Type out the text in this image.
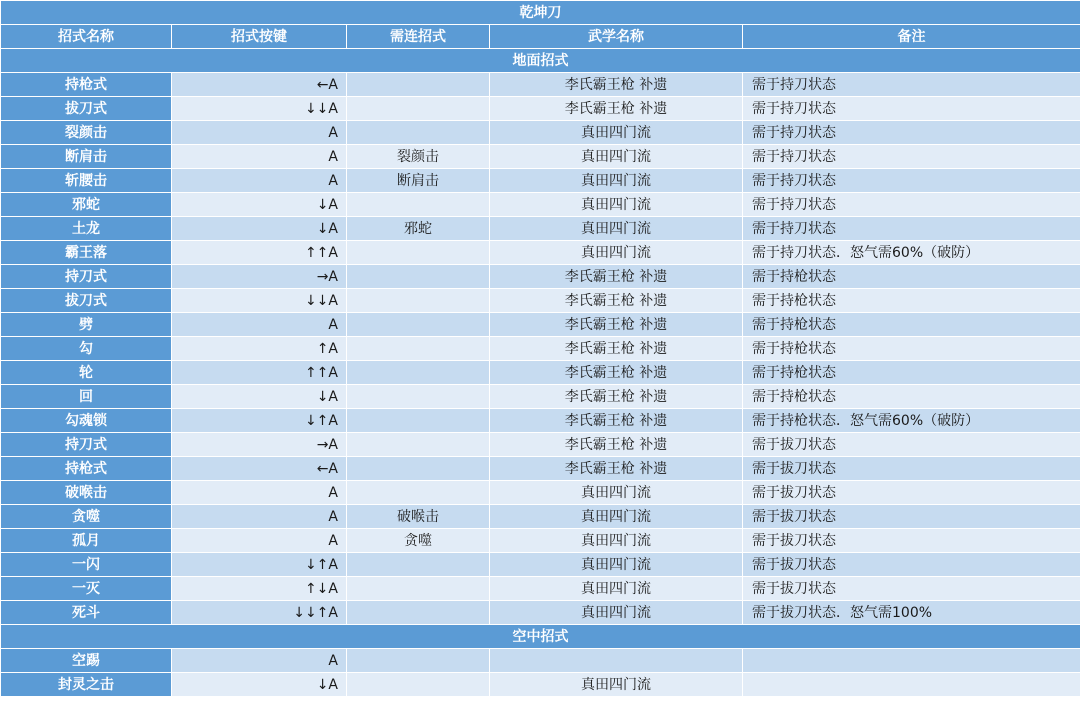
乾坤刀				
招式名称	招式按键	需连招式	武学名称	备注
地面招式				
持枪式	←A		李氏霸王枪 补遗	需于持刀状态
拔刀式	↓↓A		李氏霸王枪 补遗	需于持刀状态
裂颜击	A		真田四门流	需于持刀状态
断肩击	A	裂颜击	真田四门流	需于持刀状态
斩腰击	A	断肩击	真田四门流	需于持刀状态
邪蛇	↓A		真田四门流	需于持刀状态
土龙	↓A	邪蛇	真田四门流	需于持刀状态
霸王落	↑↑A		真田四门流	需于持刀状态．怒气需60%（破防）
持刀式	→A		李氏霸王枪 补遗	需于持枪状态
拔刀式	↓↓A		李氏霸王枪 补遗	需于持枪状态
劈	A		李氏霸王枪 补遗	需于持枪状态
勾	↑A		李氏霸王枪 补遗	需于持枪状态
轮	↑↑A		李氏霸王枪 补遗	需于持枪状态
回	↓A		李氏霸王枪 补遗	需于持枪状态
勾魂锁	↓↑A		李氏霸王枪 补遗	需于持枪状态．怒气需60%（破防）
持刀式	→A		李氏霸王枪 补遗	需于拔刀状态
持枪式	←A		李氏霸王枪 补遗	需于拔刀状态
破喉击	A		真田四门流	需于拔刀状态
贪噬	A	破喉击	真田四门流	需于拔刀状态
孤月	A	贪噬	真田四门流	需于拔刀状态
一闪	↓↑A		真田四门流	需于拔刀状态
一灭	↑↓A		真田四门流	需于拔刀状态
死斗	↓↓↑A		真田四门流	需于拔刀状态．怒气需100%
空中招式				
空踢	A			
封灵之击	↓A		真田四门流	
